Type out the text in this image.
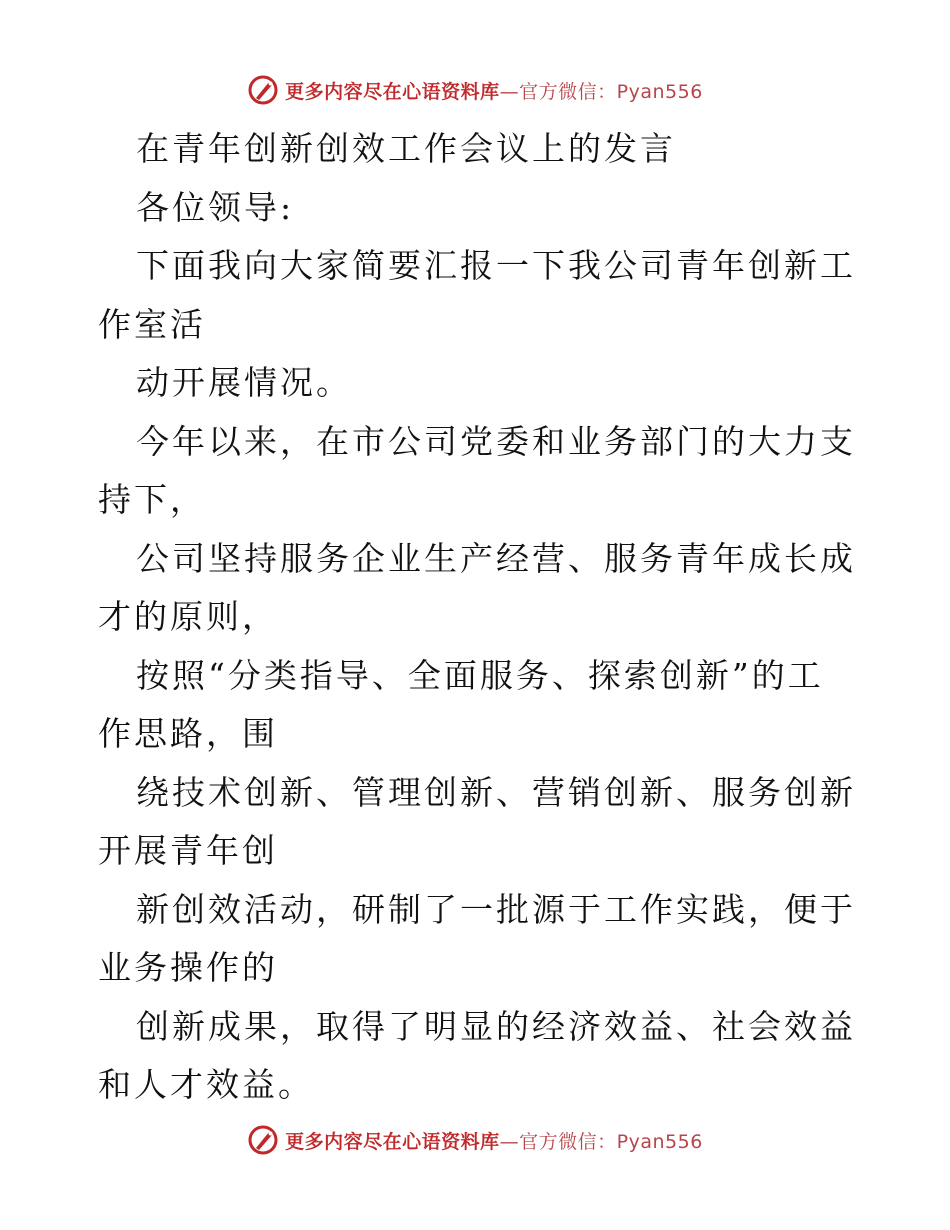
更多内容尽在心语资料库—官方微信：Pyan556

在青年创新创效工作会议上的发言

各位领导:

下面我向大家简要汇报一下我公司青年创新工作室活

动开展情况。

今年以来，在市公司党委和业务部门的大力支持下，

公司坚持服务企业生产经营、服务青年成长成才的原则，

按照“分类指导、全面服务、探索创新”的工作思路，围

绕技术创新、管理创新、营销创新、服务创新开展青年创

新创效活动，研制了一批源于工作实践，便于业务操作的

创新成果，取得了明显的经济效益、社会效益和人才效益。

更多内容尽在心语资料库—官方微信：Pyan556
